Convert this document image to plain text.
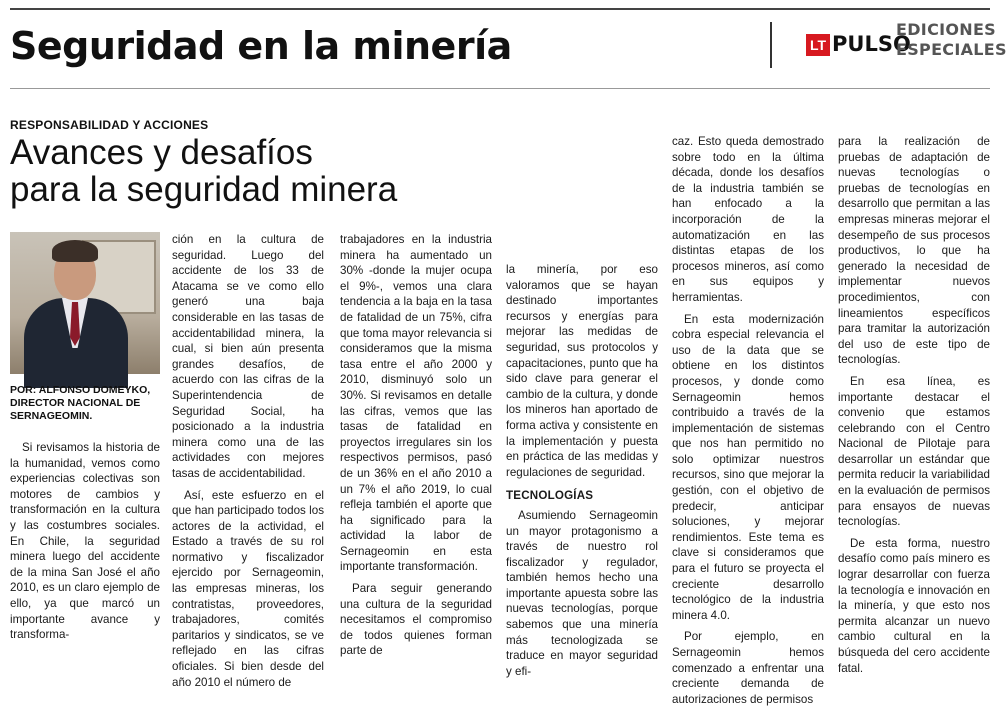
Seguridad en la minería	LT PULSO
EDICIONES
ESPECIALES
RESPONSABILIDAD Y ACCIONES
Avances y desafíos
para la seguridad minera
POR: ALFONSO DOMEYKO,
DIRECTOR NACIONAL DE
SERNAGEOMIN.

Si revisamos la historia de la humanidad, vemos como experiencias colectivas son motores de cambios y transformación en la cultura y las costumbres sociales. En Chile, la seguridad minera luego del accidente de la mina San José el año 2010, es un claro ejemplo de ello, ya que marcó un importante avance y transforma-

ción en la cultura de seguridad. Luego del accidente de los 33 de Atacama se ve como ello generó una baja considerable en las tasas de accidentabilidad minera, la cual, si bien aún presenta grandes desafíos, de acuerdo con las cifras de la Superintendencia de Seguridad Social, ha posicionado a la industria minera como una de las actividades con mejores tasas de accidentabilidad.

Así, este esfuerzo en el que han participado todos los actores de la actividad, el Estado a través de su rol normativo y fiscalizador ejercido por Sernageomin, las empresas mineras, los contratistas, proveedores, trabajadores, comités paritarios y sindicatos, se ve reflejado en las cifras oficiales. Si bien desde del año 2010 el número de

trabajadores en la industria minera ha aumentado un 30% -donde la mujer ocupa el 9%-, vemos una clara tendencia a la baja en la tasa de fatalidad de un 75%, cifra que toma mayor relevancia si consideramos que la misma tasa entre el año 2000 y 2010, disminuyó solo un 30%. Si revisamos en detalle las cifras, vemos que las tasas de fatalidad en proyectos irregulares sin los respectivos permisos, pasó de un 36% en el año 2010 a un 7% el año 2019, lo cual refleja también el aporte que ha significado para la actividad la labor de Sernageomin en esta importante transformación.

Para seguir generando una cultura de la seguridad necesitamos el compromiso de todos quienes forman parte de

la minería, por eso valoramos que se hayan destinado importantes recursos y energías para mejorar las medidas de seguridad, sus protocolos y capacitaciones, punto que ha sido clave para generar el cambio de la cultura, y donde los mineros han aportado de forma activa y consistente en la implementación y puesta en práctica de las medidas y regulaciones de seguridad.

TECNOLOGÍAS

Asumiendo Sernageomin un mayor protagonismo a través de nuestro rol fiscalizador y regulador, también hemos hecho una importante apuesta sobre las nuevas tecnologías, porque sabemos que una minería más tecnologizada se traduce en mayor seguridad y efi-

caz. Esto queda demostrado sobre todo en la última década, donde los desafíos de la industria también se han enfocado a la incorporación de la automatización en las distintas etapas de los procesos mineros, así como en sus equipos y herramientas.

En esta modernización cobra especial relevancia el uso de la data que se obtiene en los distintos procesos, y donde como Sernageomin hemos contribuido a través de la implementación de sistemas que nos han permitido no solo optimizar nuestros recursos, sino que mejorar la gestión, con el objetivo de predecir, anticipar soluciones, y mejorar rendimientos. Este tema es clave si consideramos que para el futuro se proyecta el creciente desarrollo tecnológico de la industria minera 4.0.

Por ejemplo, en Sernageomin hemos comenzado a enfrentar una creciente demanda de autorizaciones de permisos

para la realización de pruebas de adaptación de nuevas tecnologías o pruebas de tecnologías en desarrollo que permitan a las empresas mineras mejorar el desempeño de sus procesos productivos, lo que ha generado la necesidad de implementar nuevos procedimientos, con lineamientos específicos para tramitar la autorización del uso de este tipo de tecnologías.

En esa línea, es importante destacar el convenio que estamos celebrando con el Centro Nacional de Pilotaje para desarrollar un estándar que permita reducir la variabilidad en la evaluación de permisos para ensayos de nuevas tecnologías.

De esta forma, nuestro desafío como país minero es lograr desarrollar con fuerza la tecnología e innovación en la minería, y que esto nos permita alcanzar un nuevo cambio cultural en la búsqueda del cero accidente fatal.
